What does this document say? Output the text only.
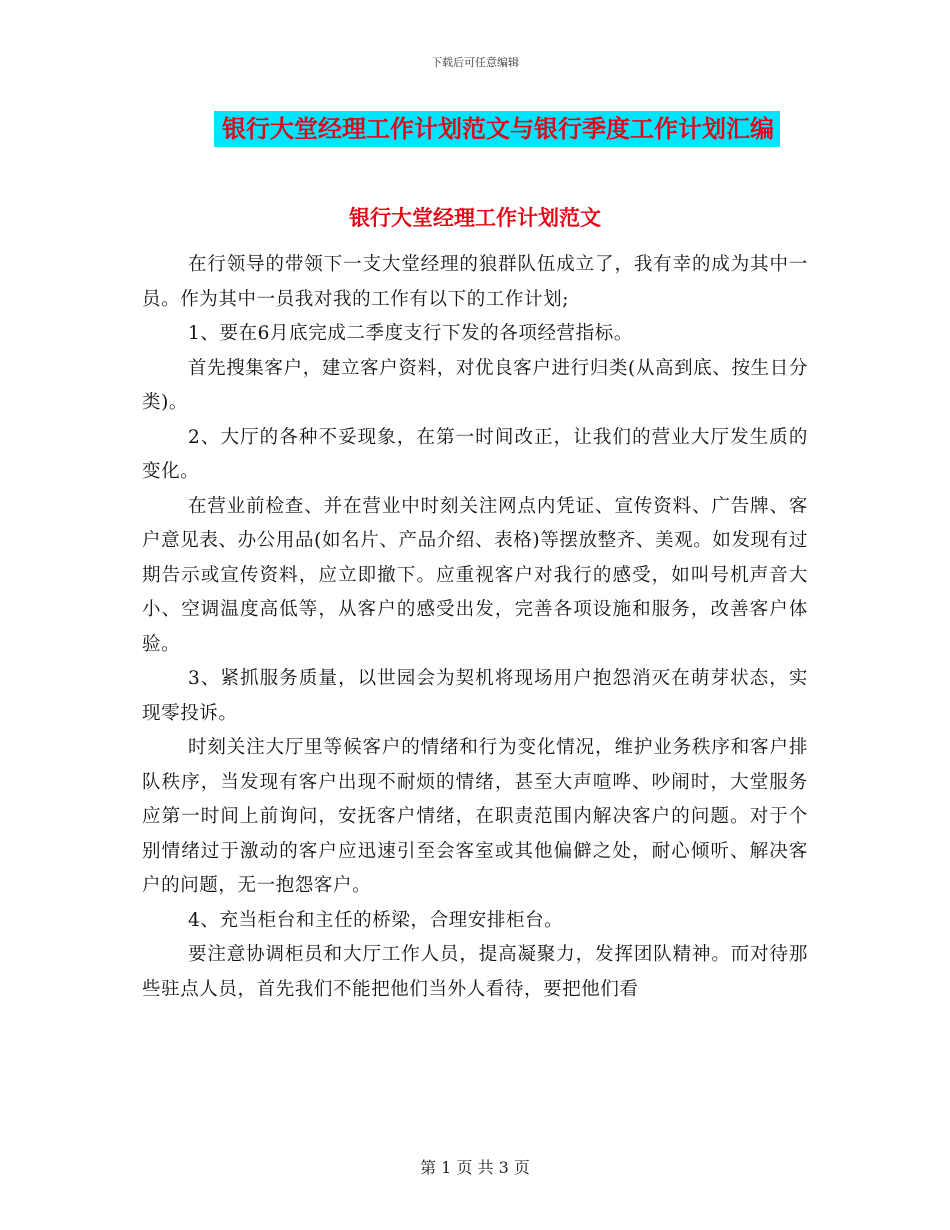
下载后可任意编辑
银行大堂经理工作计划范文与银行季度工作计划汇编
银行大堂经理工作计划范文

在行领导的带领下一支大堂经理的狼群队伍成立了，我有幸的成为其中一员。作为其中一员我对我的工作有以下的工作计划;

1、要在6月底完成二季度支行下发的各项经营指标。

首先搜集客户，建立客户资料，对优良客户进行归类(从高到底、按生日分类)。

2、大厅的各种不妥现象，在第一时间改正，让我们的营业大厅发生质的变化。

在营业前检查、并在营业中时刻关注网点内凭证、宣传资料、广告牌、客户意见表、办公用品(如名片、产品介绍、表格)等摆放整齐、美观。如发现有过期告示或宣传资料，应立即撤下。应重视客户对我行的感受，如叫号机声音大小、空调温度高低等，从客户的感受出发，完善各项设施和服务，改善客户体验。

3、紧抓服务质量，以世园会为契机将现场用户抱怨消灭在萌芽状态，实现零投诉。

时刻关注大厅里等候客户的情绪和行为变化情况，维护业务秩序和客户排队秩序，当发现有客户出现不耐烦的情绪，甚至大声喧哗、吵闹时，大堂服务应第一时间上前询问，安抚客户情绪，在职责范围内解决客户的问题。对于个别情绪过于激动的客户应迅速引至会客室或其他偏僻之处，耐心倾听、解决客户的问题，无一抱怨客户。

4、充当柜台和主任的桥梁，合理安排柜台。

要注意协调柜员和大厅工作人员，提高凝聚力，发挥团队精神。而对待那些驻点人员，首先我们不能把他们当外人看待，要把他们看

第 1 页 共 3 页
